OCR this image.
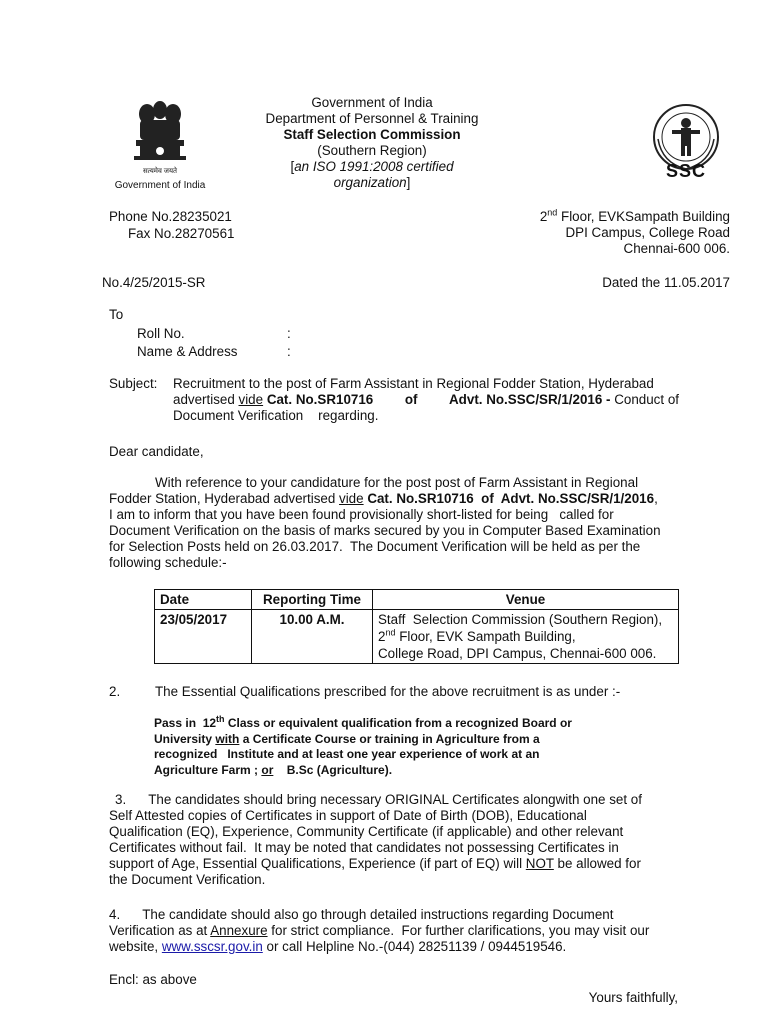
सत्यमेव जयते
Government of India
Government of India
Department of Personnel & Training
Staff Selection Commission
(Southern Region)
[an ISO 1991:2008 certified
organization]
SSC
Phone No.28235021
Fax No.28270561
2nd Floor, EVKSampath Building
DPI Campus, College Road
Chennai-600 006.
No.4/25/2015-SR	Dated the 11.05.2017
To
Roll No.	:
Name & Address	:
Subject: Recruitment to the post of Farm Assistant in Regional Fodder Station, Hyderabad
advertised vide Cat. No.SR10716 of Advt. No.SSC/SR/1/2016 - Conduct of
Document Verification    regarding.
Dear candidate,
With reference to your candidature for the post post of Farm Assistant in Regional
Fodder Station, Hyderabad advertised vide Cat. No.SR10716  of  Advt. No.SSC/SR/1/2016,
I am to inform that you have been found provisionally short-listed for being   called for
Document Verification on the basis of marks secured by you in Computer Based Examination
for Selection Posts held on 26.03.2017.  The Document Verification will be held as per the
following schedule:-
Date	Reporting Time	Venue
23/05/2017	10.00 A.M.	Staff  Selection Commission (Southern Region),
2nd Floor, EVK Sampath Building,
College Road, DPI Campus, Chennai-600 006.
2.	The Essential Qualifications prescribed for the above recruitment is as under :-
Pass in  12th Class or equivalent qualification from a recognized Board or
University with a Certificate Course or training in Agriculture from a
recognized   Institute and at least one year experience of work at an
Agriculture Farm ; or    B.Sc (Agriculture).
3.      The candidates should bring necessary ORIGINAL Certificates alongwith one set of
Self Attested copies of Certificates in support of Date of Birth (DOB), Educational
Qualification (EQ), Experience, Community Certificate (if applicable) and other relevant
Certificates without fail.  It may be noted that candidates not possessing Certificates in
support of Age, Essential Qualifications, Experience (if part of EQ) will NOT be allowed for
the Document Verification.
4.      The candidate should also go through detailed instructions regarding Document
Verification as at Annexure for strict compliance.  For further clarifications, you may visit our
website, www.sscsr.gov.in or call Helpline No.-(044) 28251139 / 0944519546.
Encl: as above
Yours faithfully,
